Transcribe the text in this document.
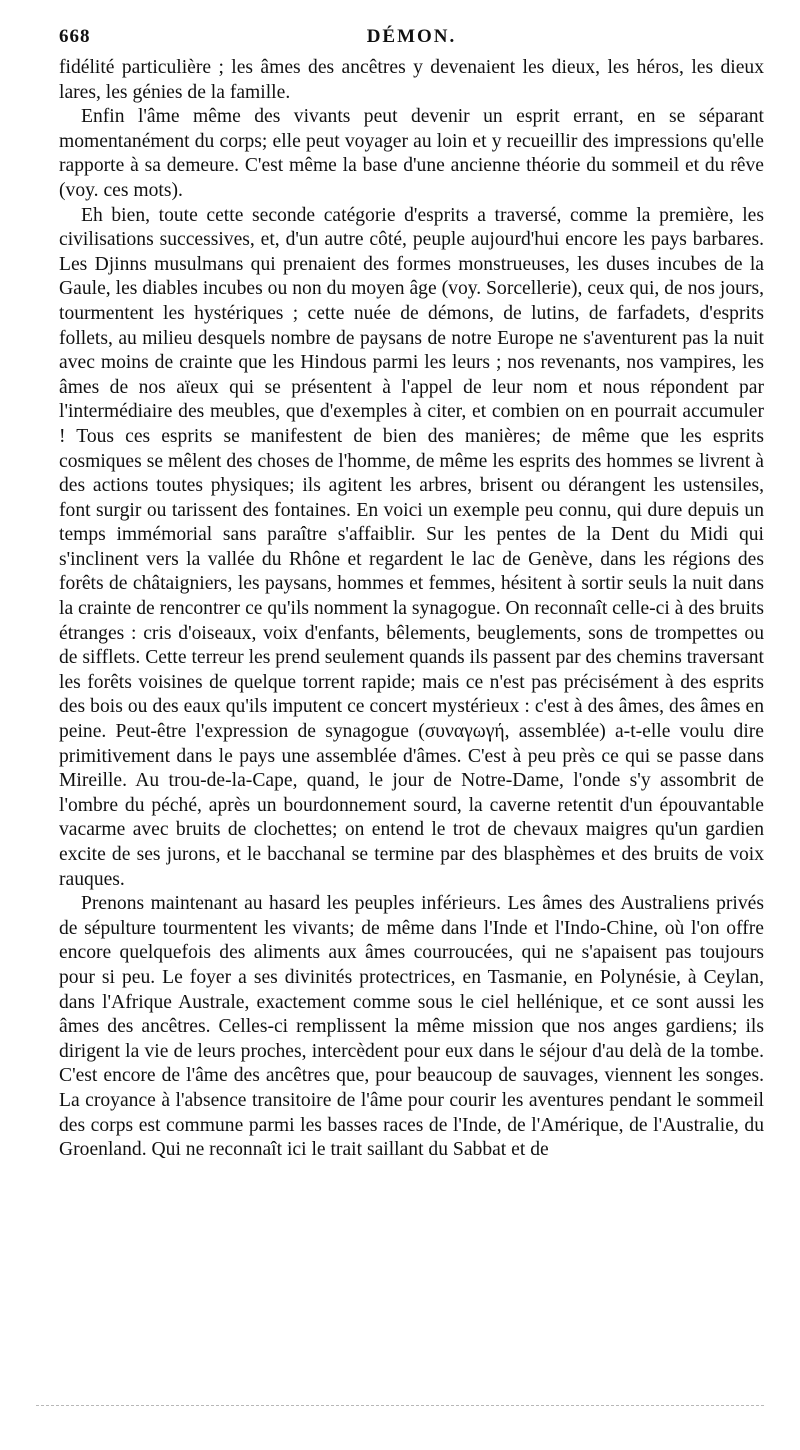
668	DÉMON.

fidélité particulière ; les âmes des ancêtres y devenaient les dieux, les héros, les dieux lares, les génies de la famille.

Enfin l'âme même des vivants peut devenir un esprit errant, en se séparant momentanément du corps; elle peut voyager au loin et y recueillir des impressions qu'elle rapporte à sa demeure. C'est même la base d'une ancienne théorie du sommeil et du rêve (voy. ces mots).

Eh bien, toute cette seconde catégorie d'esprits a traversé, comme la première, les civilisations successives, et, d'un autre côté, peuple aujourd'hui encore les pays barbares. Les Djinns musulmans qui prenaient des formes monstrueuses, les duses incubes de la Gaule, les diables incubes ou non du moyen âge (voy. Sorcellerie), ceux qui, de nos jours, tourmentent les hystériques ; cette nuée de démons, de lutins, de farfadets, d'esprits follets, au milieu desquels nombre de paysans de notre Europe ne s'aventurent pas la nuit avec moins de crainte que les Hindous parmi les leurs ; nos revenants, nos vampires, les âmes de nos aïeux qui se présentent à l'appel de leur nom et nous répondent par l'intermédiaire des meubles, que d'exemples à citer, et combien on en pourrait accumuler ! Tous ces esprits se manifestent de bien des manières; de même que les esprits cosmiques se mêlent des choses de l'homme, de même les esprits des hommes se livrent à des actions toutes physiques; ils agitent les arbres, brisent ou dérangent les ustensiles, font surgir ou tarissent des fontaines. En voici un exemple peu connu, qui dure depuis un temps immémorial sans paraître s'affaiblir. Sur les pentes de la Dent du Midi qui s'inclinent vers la vallée du Rhône et regardent le lac de Genève, dans les régions des forêts de châtaigniers, les paysans, hommes et femmes, hésitent à sortir seuls la nuit dans la crainte de rencontrer ce qu'ils nomment la synagogue. On reconnaît celle-ci à des bruits étranges : cris d'oiseaux, voix d'enfants, bêlements, beuglements, sons de trompettes ou de sifflets. Cette terreur les prend seulement quands ils passent par des chemins traversant les forêts voisines de quelque torrent rapide; mais ce n'est pas précisément à des esprits des bois ou des eaux qu'ils imputent ce concert mystérieux : c'est à des âmes, des âmes en peine. Peut-être l'expression de synagogue (συναγωγή, assemblée) a-t-elle voulu dire primitivement dans le pays une assemblée d'âmes. C'est à peu près ce qui se passe dans Mireille. Au trou-de-la-Cape, quand, le jour de Notre-Dame, l'onde s'y assombrit de l'ombre du péché, après un bourdonnement sourd, la caverne retentit d'un épouvantable vacarme avec bruits de clochettes; on entend le trot de chevaux maigres qu'un gardien excite de ses jurons, et le bacchanal se termine par des blasphèmes et des bruits de voix rauques.

Prenons maintenant au hasard les peuples inférieurs. Les âmes des Australiens privés de sépulture tourmentent les vivants; de même dans l'Inde et l'Indo-Chine, où l'on offre encore quelquefois des aliments aux âmes courroucées, qui ne s'apaisent pas toujours pour si peu. Le foyer a ses divinités protectrices, en Tasmanie, en Polynésie, à Ceylan, dans l'Afrique Australe, exactement comme sous le ciel hellénique, et ce sont aussi les âmes des ancêtres. Celles-ci remplissent la même mission que nos anges gardiens; ils dirigent la vie de leurs proches, intercèdent pour eux dans le séjour d'au delà de la tombe. C'est encore de l'âme des ancêtres que, pour beaucoup de sauvages, viennent les songes. La croyance à l'absence transitoire de l'âme pour courir les aventures pendant le sommeil des corps est commune parmi les basses races de l'Inde, de l'Amérique, de l'Australie, du Groenland. Qui ne reconnaît ici le trait saillant du Sabbat et de
